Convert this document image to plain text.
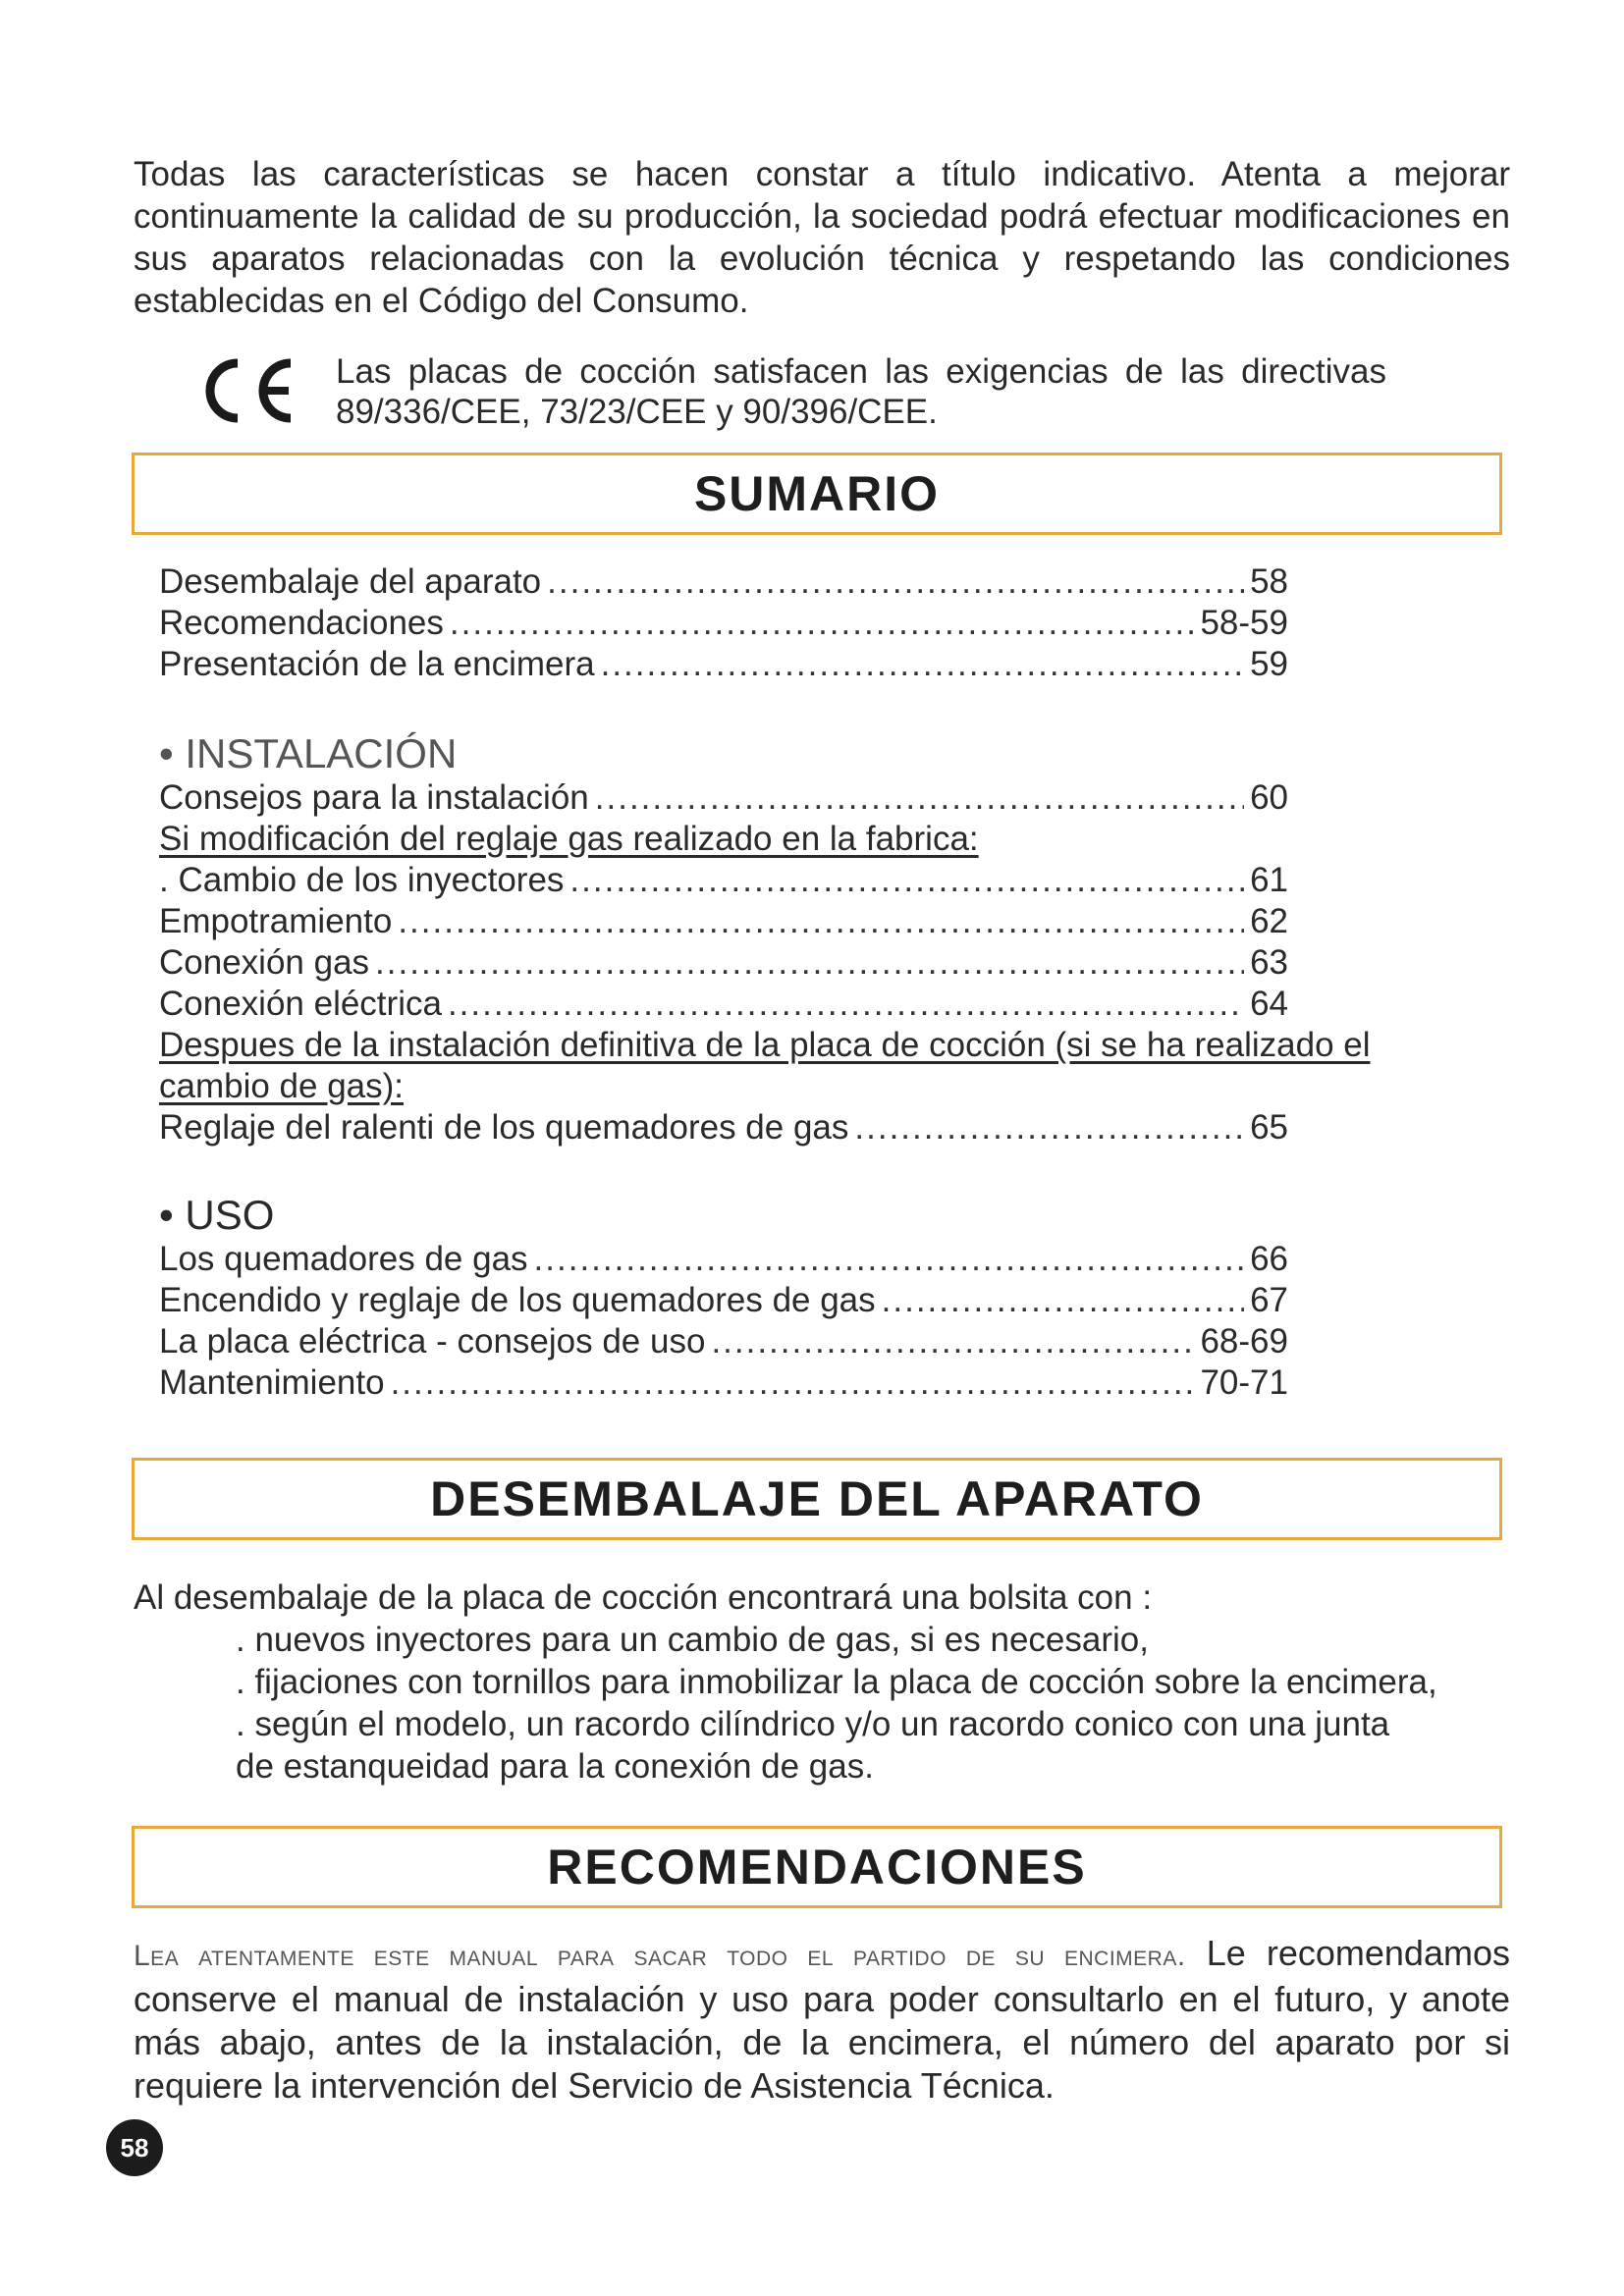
Todas las características se hacen constar a título indicativo. Atenta a mejorar continuamente la calidad de su producción, la sociedad podrá efectuar modificaciones en sus aparatos relacionadas con la evolución técnica y respetando las condiciones establecidas en el Código del Consumo.
Las placas de cocción satisfacen las exigencias de las directivas 89/336/CEE, 73/23/CEE y 90/396/CEE.
SUMARIO
Desembalaje del aparato .....	58
Recomendaciones .....	58-59
Presentación de la encimera .....	59
• INSTALACIÓN
Consejos para la instalación .....	60
Si modificación del reglaje gas realizado en la fabrica:
. Cambio de los inyectores .....	61
Empotramiento .....	62
Conexión gas .....	63
Conexión eléctrica .....	64
Despues de la instalación definitiva de la placa de cocción (si se ha realizado el cambio de gas):
Reglaje del ralenti de los quemadores de gas .....	65
• USO
Los quemadores de gas .....	66
Encendido y reglaje de los quemadores de gas .....	67
La placa eléctrica - consejos de uso .....	68-69
Mantenimiento .....	70-71
DESEMBALAJE DEL APARATO
Al desembalaje de la placa de cocción encontrará una bolsita con :
. nuevos inyectores para un cambio de gas, si es necesario,
. fijaciones con tornillos para inmobilizar la placa de cocción sobre la encimera,
. según el modelo, un racordo cilíndrico y/o un racordo conico con una junta de estanqueidad para la conexión de gas.
RECOMENDACIONES
Lea atentamente este manual para sacar todo el partido de su encimera. Le recomendamos conserve el manual de instalación y uso para poder consultarlo en el futuro, y anote más abajo, antes de la instalación, de la encimera, el número del aparato por si requiere la intervención del Servicio de Asistencia Técnica.
58
